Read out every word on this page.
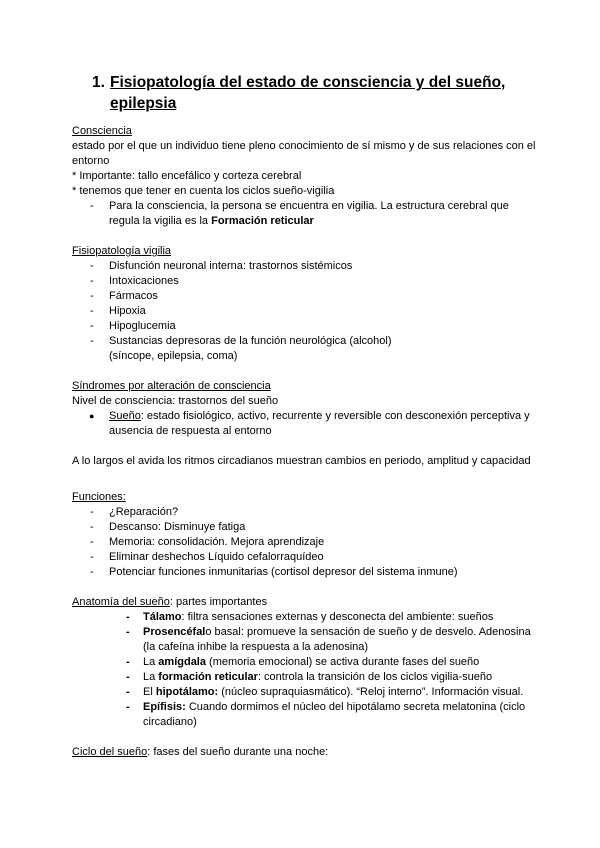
1. Fisiopatología del estado de consciencia y del sueño, epilepsia
Consciencia
estado por el que un individuo tiene pleno conocimiento de sí mismo y de sus relaciones con el entorno
* Importante: tallo encefálico y corteza cerebral
* tenemos que tener en cuenta los ciclos sueño-vigilia
- Para la consciencia, la persona se encuentra en vigilia. La estructura cerebral que regula la vigilia es la Formación reticular
Fisiopatología vigilia
- Disfunción neuronal interna: trastornos sistémicos
- Intoxicaciones
- Fármacos
- Hipoxia
- Hipoglucemia
- Sustancias depresoras de la función neurológica (alcohol) (síncope, epilepsia, coma)
Síndromes por alteración de consciencia
Nivel de consciencia: trastornos del sueño
● Sueño: estado fisiológico, activo, recurrente y reversible con desconexión perceptiva y ausencia de respuesta al entorno
A lo largos el avida los ritmos circadianos muestran cambios en periodo, amplitud y capacidad
Funciones:
- ¿Reparación?
- Descanso: Disminuye fatiga
- Memoria: consolidación. Mejora aprendizaje
- Eliminar deshechos Líquido cefalorraquídeo
- Potenciar funciones inmunitarias (cortisol depresor del sistema inmune)
Anatomía del sueño: partes importantes
- Tálamo: filtra sensaciones externas y desconecta del ambiente: sueños
- Prosencéfalo basal: promueve la sensación de sueño y de desvelo. Adenosina (la cafeína inhibe la respuesta a la adenosina)
- La amígdala (memoria emocional) se activa durante fases del sueño
- La formación reticular: controla la transición de los ciclos vigilia-sueño
- El hipotálamo: (núcleo supraquiasmático). “Reloj interno”. Información visual.
- Epífisis: Cuando dormimos el núcleo del hipotálamo secreta melatonina (ciclo circadiano)
Ciclo del sueño: fases del sueño durante una noche:
